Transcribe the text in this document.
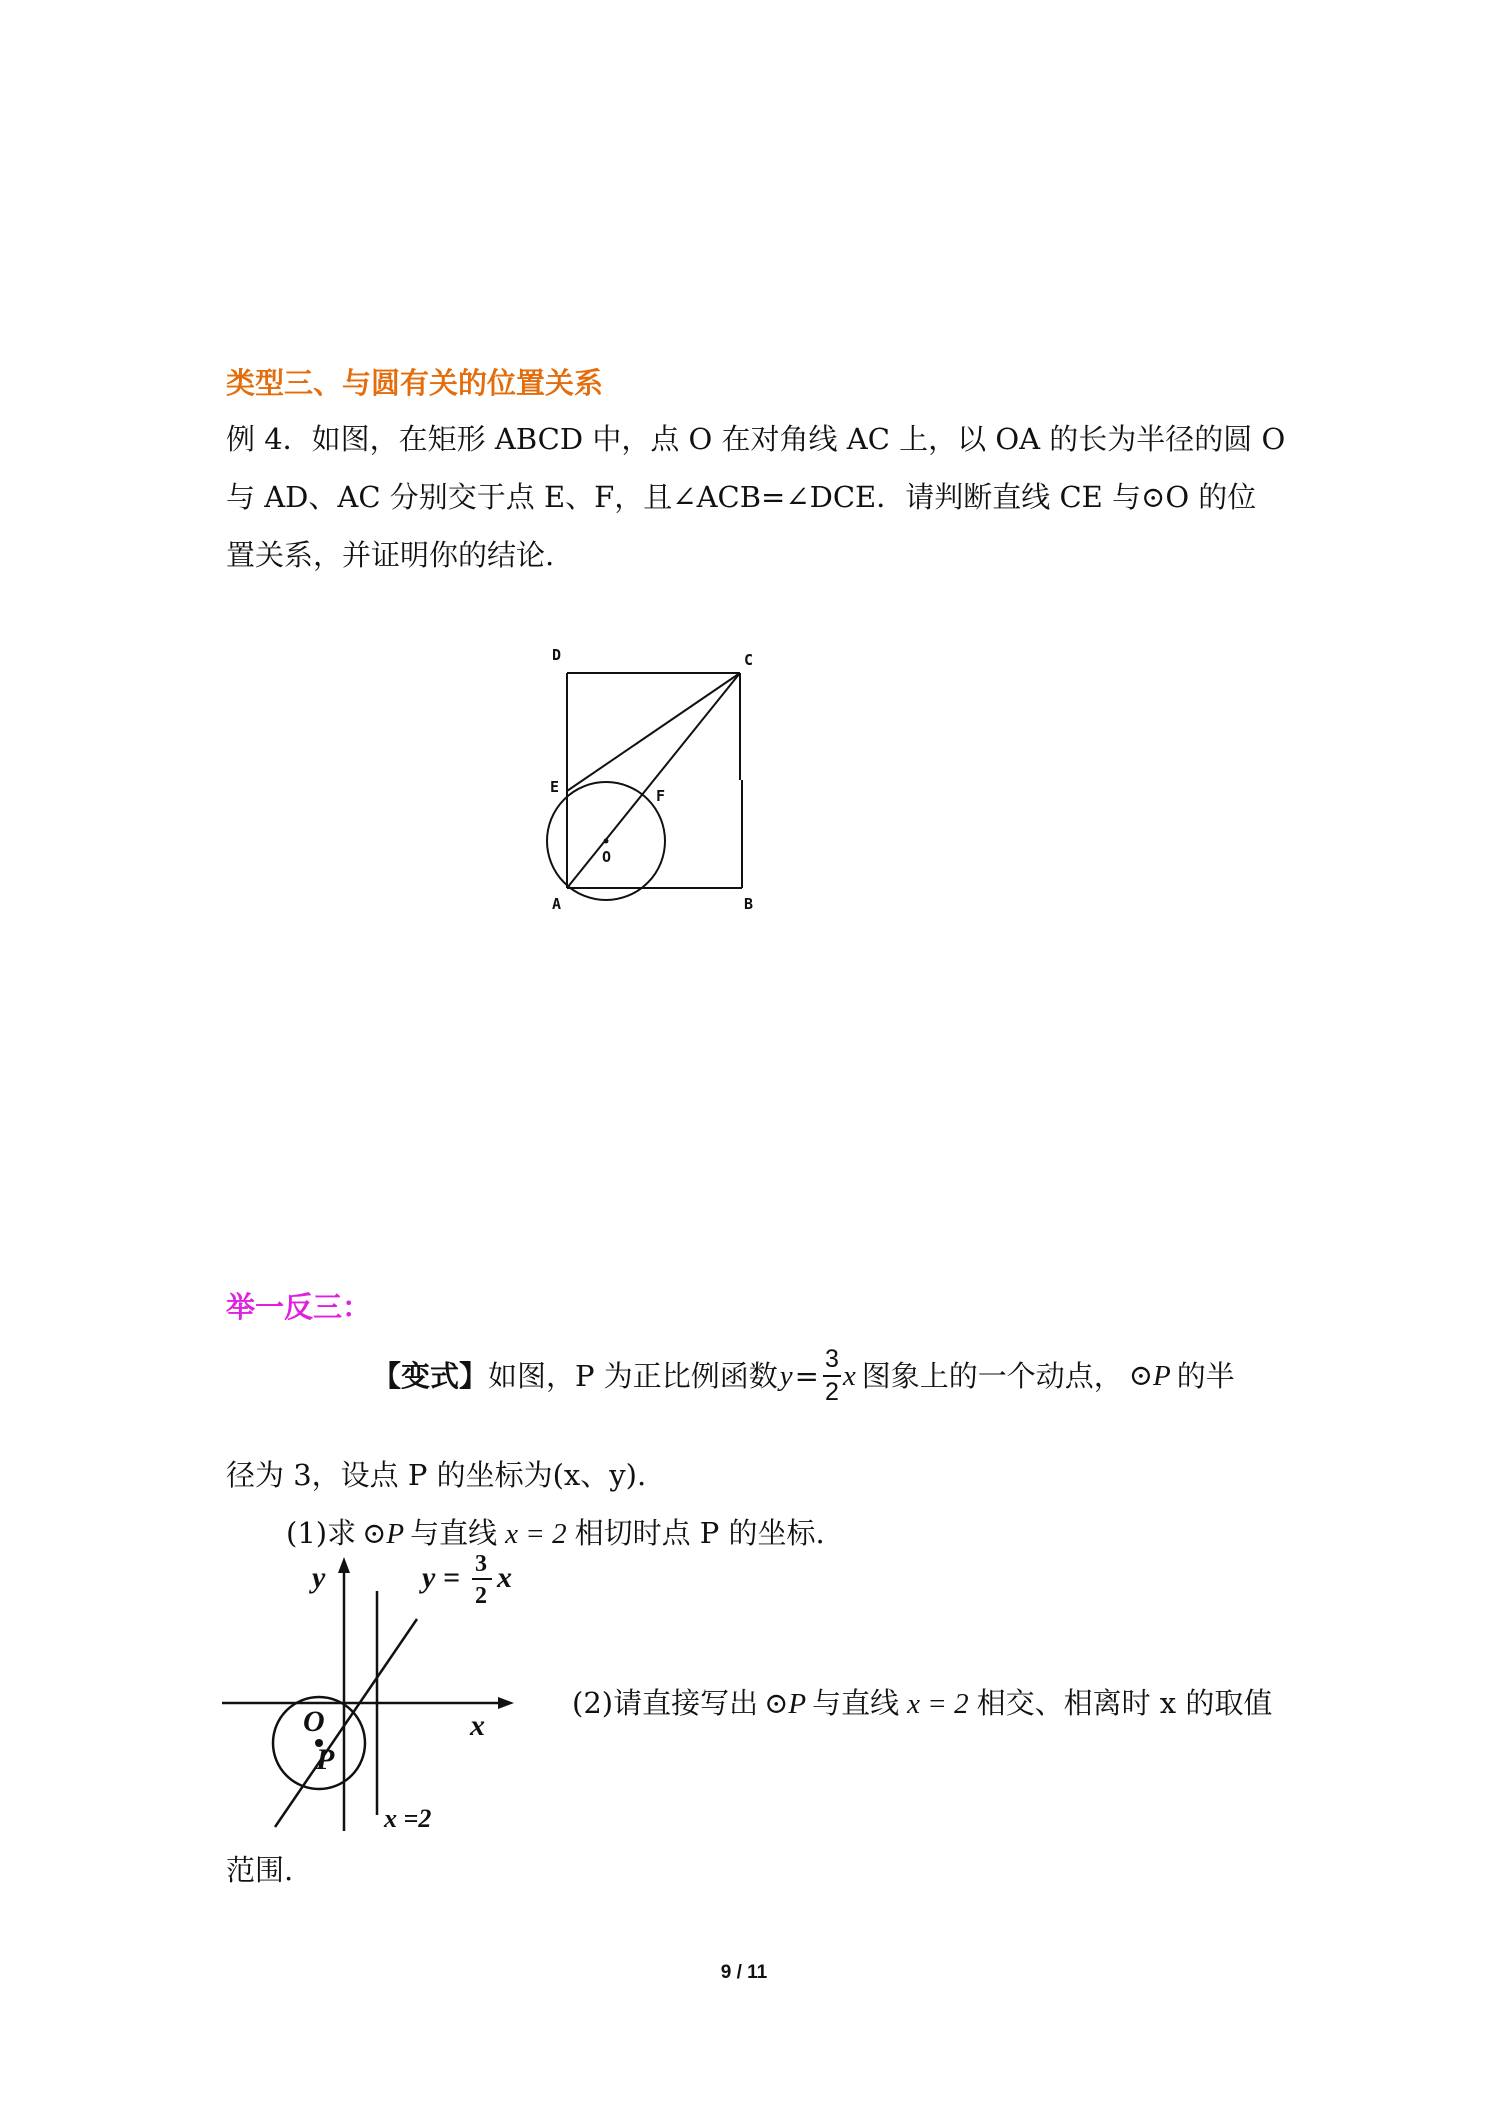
类型三、与圆有关的位置关系
例 4．如图，在矩形 ABCD 中，点 O 在对角线 AC 上，以 OA 的长为半径的圆 O
与 AD、AC 分别交于点 E、F，且∠ACB=∠DCE．请判断直线 CE 与⊙O 的位
置关系，并证明你的结论.
D	C
E	F
O
A	B
举一反三：
【变式】 如图，P 为正比例函数 $y = \frac{3}{2}$ x 图象上的一个动点， ⊙P 的半
径为 3，设点 P 的坐标为(x、y).
(1)求 ⊙P 与直线 x = 2 相切时点 P 的坐标.
y
x
O
P
y = 3
2
x
x =2
(2)请直接写出 ⊙P 与直线 x = 2 相交、相离时 x 的取值
范围.
9 / 11
